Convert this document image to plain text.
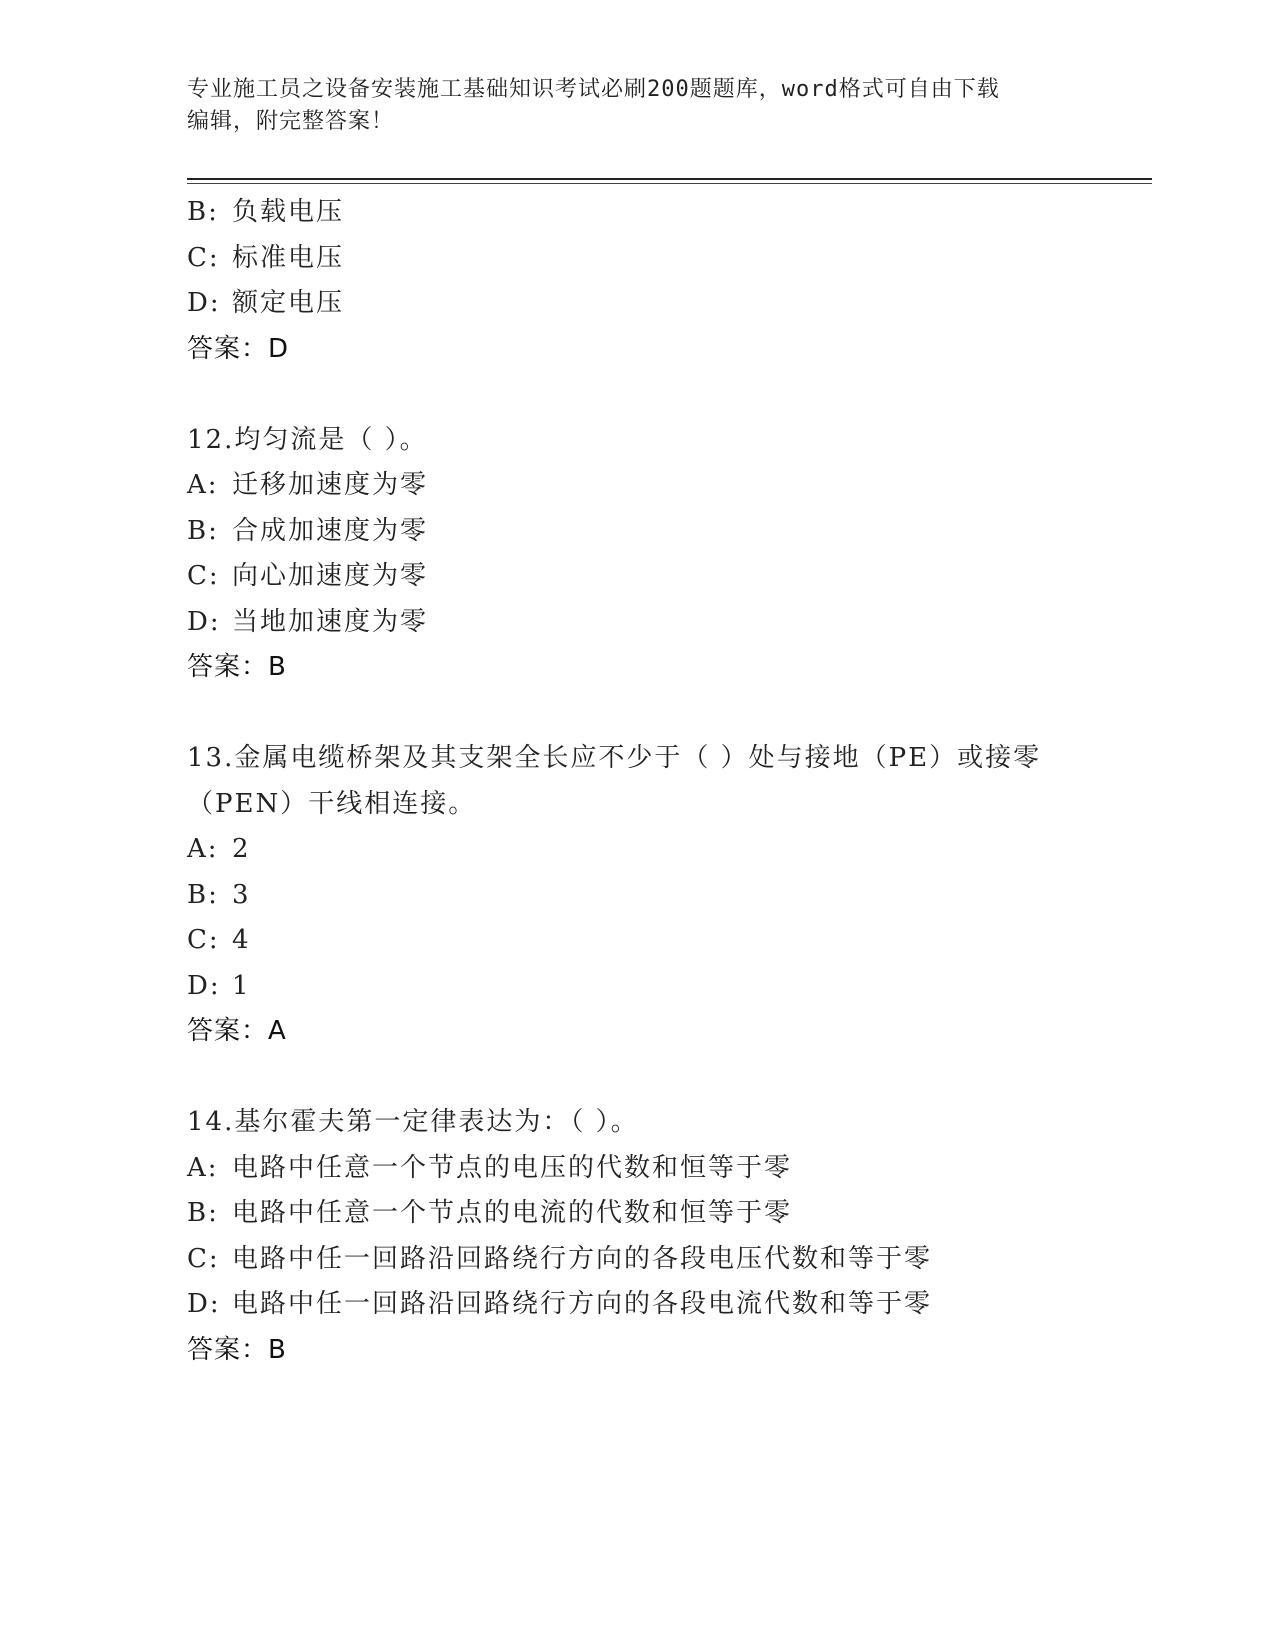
专业施工员之设备安装施工基础知识考试必刷200题题库，word格式可自由下载
编辑，附完整答案！
B: 负载电压
C: 标准电压
D: 额定电压
答案：D
12.均匀流是（ ）。
A: 迁移加速度为零
B: 合成加速度为零
C: 向心加速度为零
D: 当地加速度为零
答案：B
13.金属电缆桥架及其支架全长应不少于（ ）处与接地（PE）或接零
（PEN）干线相连接。
A: 2
B: 3
C: 4
D: 1
答案：A
14.基尔霍夫第一定律表达为：（ ）。
A: 电路中任意一个节点的电压的代数和恒等于零
B: 电路中任意一个节点的电流的代数和恒等于零
C: 电路中任一回路沿回路绕行方向的各段电压代数和等于零
D: 电路中任一回路沿回路绕行方向的各段电流代数和等于零
答案：B
